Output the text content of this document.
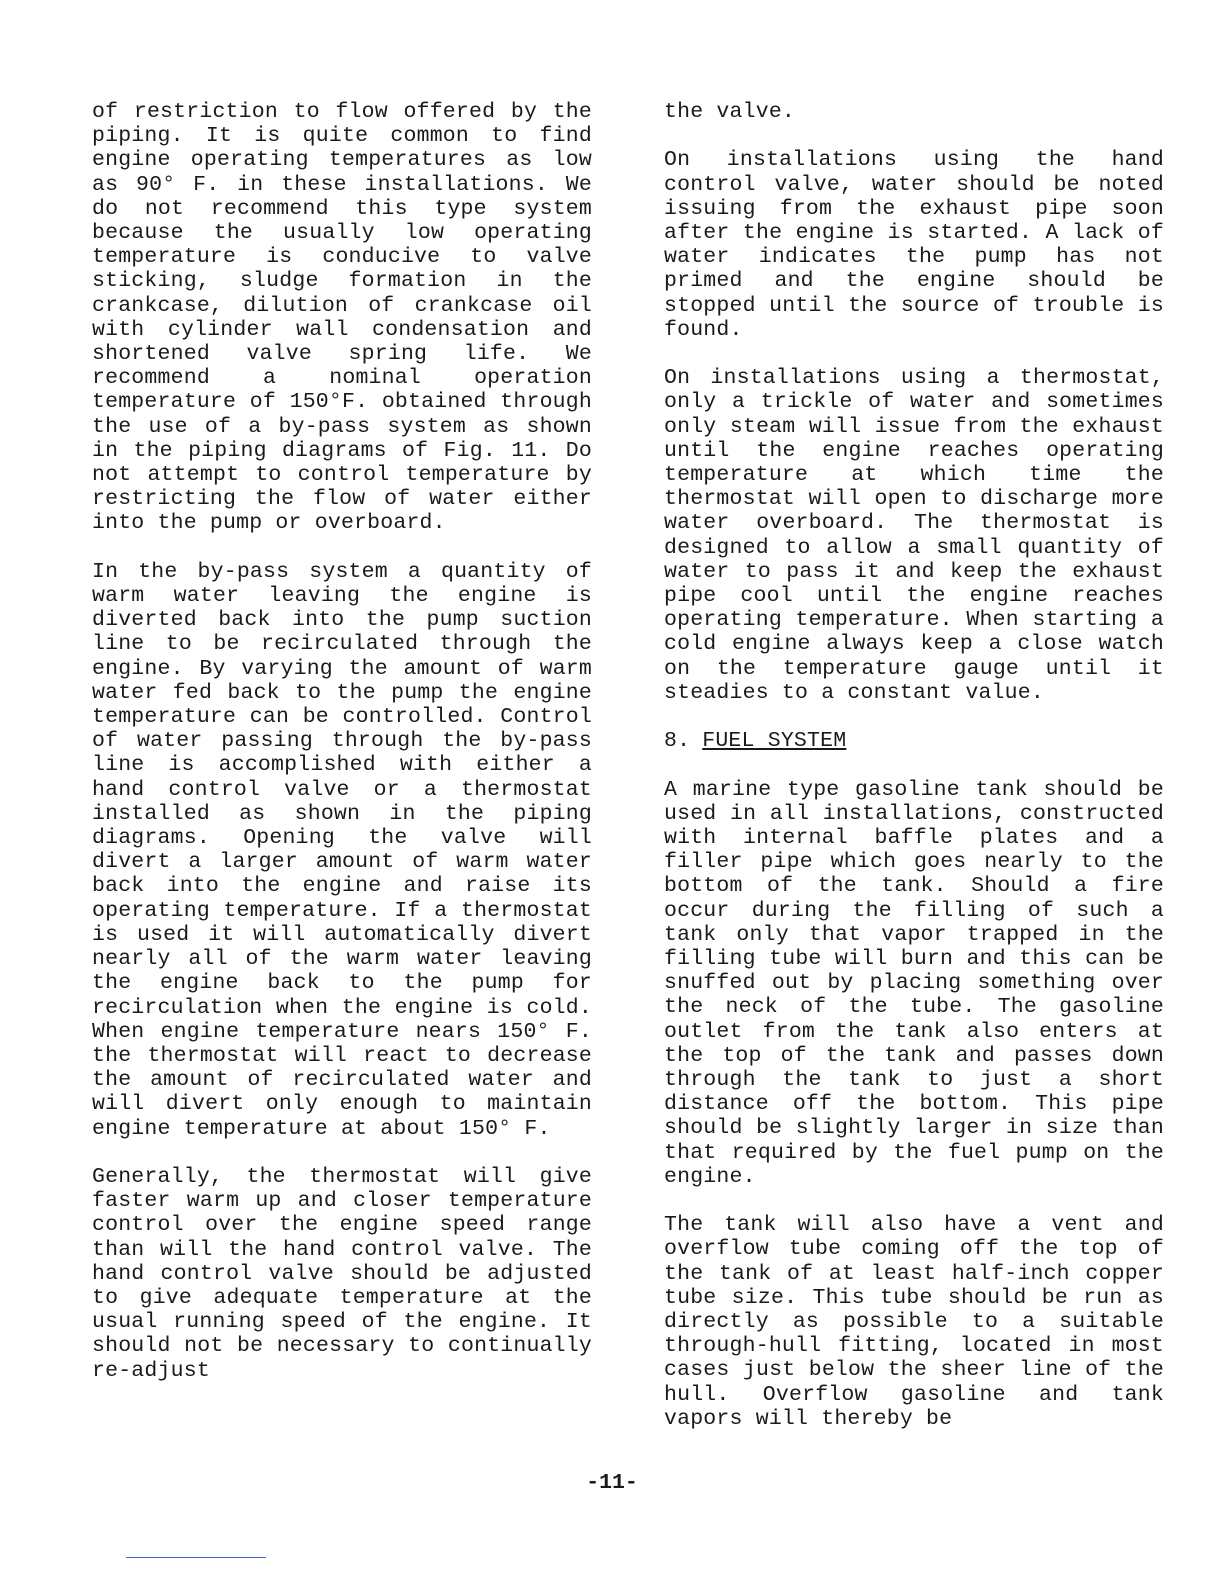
of restriction to flow offered by the piping. It is quite common to find engine operating temperatures as low as 90° F. in these installations. We do not recommend this type system because the usually low operating temperature is conducive to valve sticking, sludge formation in the crankcase, dilution of crankcase oil with cylinder wall condensation and shortened valve spring life. We recommend a nominal operation temperature of 150°F. obtained through the use of a by-pass system as shown in the piping diagrams of Fig. 11. Do not attempt to control temperature by restricting the flow of water either into the pump or overboard.

In the by-pass system a quantity of warm water leaving the engine is diverted back into the pump suction line to be recirculated through the engine. By varying the amount of warm water fed back to the pump the engine temperature can be controlled. Control of water passing through the by-pass line is accomplished with either a hand control valve or a thermostat installed as shown in the piping diagrams. Opening the valve will divert a larger amount of warm water back into the engine and raise its operating temperature. If a thermostat is used it will automatically divert nearly all of the warm water leaving the engine back to the pump for recirculation when the engine is cold. When engine temperature nears 150° F. the thermostat will react to decrease the amount of recirculated water and will divert only enough to maintain engine temperature at about 150° F.

Generally, the thermostat will give faster warm up and closer temperature control over the engine speed range than will the hand control valve. The hand control valve should be adjusted to give adequate temperature at the usual running speed of the engine. It should not be necessary to continually re-adjust

the valve.

On installations using the hand control valve, water should be noted issuing from the exhaust pipe soon after the engine is started. A lack of water indicates the pump has not primed and the engine should be stopped until the source of trouble is found.

On installations using a thermostat, only a trickle of water and sometimes only steam will issue from the exhaust until the engine reaches operating temperature at which time the thermostat will open to discharge more water overboard. The thermostat is designed to allow a small quantity of water to pass it and keep the exhaust pipe cool until the engine reaches operating temperature. When starting a cold engine always keep a close watch on the temperature gauge until it steadies to a constant value.

8. FUEL SYSTEM

A marine type gasoline tank should be used in all installations, constructed with internal baffle plates and a filler pipe which goes nearly to the bottom of the tank. Should a fire occur during the filling of such a tank only that vapor trapped in the filling tube will burn and this can be snuffed out by placing something over the neck of the tube. The gasoline outlet from the tank also enters at the top of the tank and passes down through the tank to just a short distance off the bottom. This pipe should be slightly larger in size than that required by the fuel pump on the engine.

The tank will also have a vent and overflow tube coming off the top of the tank of at least half-inch copper tube size. This tube should be run as directly as possible to a suitable through-hull fitting, located in most cases just below the sheer line of the hull. Overflow gasoline and tank vapors will thereby be

-11-
